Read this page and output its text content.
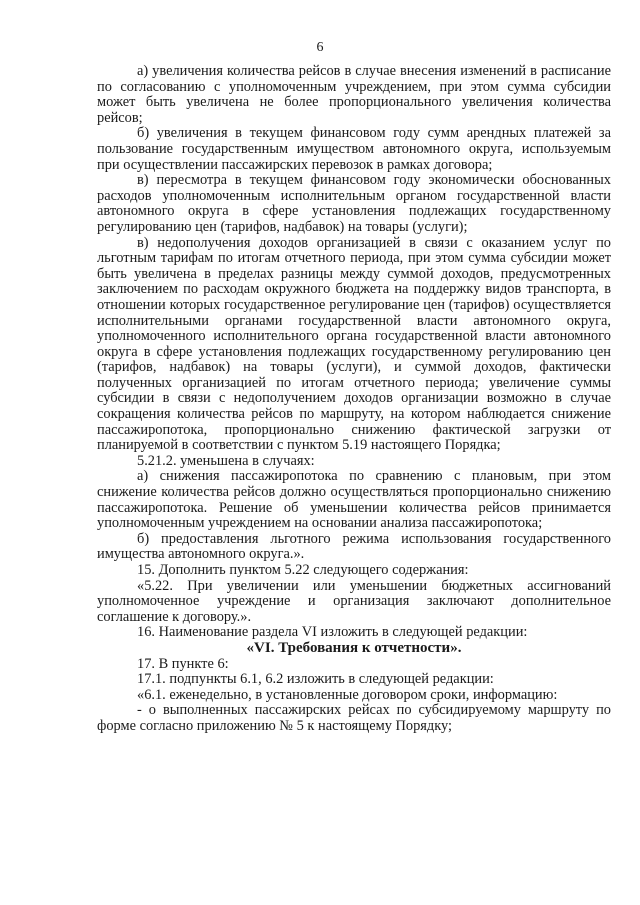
6

а) увеличения количества рейсов в случае внесения изменений в расписание по согласованию с уполномоченным учреждением, при этом сумма субсидии может быть увеличена не более пропорционального увеличения количества рейсов;

б) увеличения в текущем финансовом году сумм арендных платежей за пользование государственным имуществом автономного округа, используемым при осуществлении пассажирских перевозок в рамках договора;

в) пересмотра в текущем финансовом году экономически обоснованных расходов уполномоченным исполнительным органом государственной власти автономного округа в сфере установления подлежащих государственному регулированию цен (тарифов, надбавок) на товары (услуги);

в) недополучения доходов организацией в связи с оказанием услуг по льготным тарифам по итогам отчетного периода, при этом сумма субсидии может быть увеличена в пределах разницы между суммой доходов, предусмотренных заключением по расходам окружного бюджета на поддержку видов транспорта, в отношении которых государственное регулирование цен (тарифов) осуществляется исполнительными органами государственной власти автономного округа, уполномоченного исполнительного органа государственной власти автономного округа в сфере установления подлежащих государственному регулированию цен (тарифов, надбавок) на товары (услуги), и суммой доходов, фактически полученных организацией по итогам отчетного периода; увеличение суммы субсидии в связи с недополучением доходов организации возможно в случае сокращения количества рейсов по маршруту, на котором наблюдается снижение пассажиропотока, пропорционально снижению фактической загрузки от планируемой в соответствии с пунктом 5.19 настоящего Порядка;

5.21.2. уменьшена в случаях:

а) снижения пассажиропотока по сравнению с плановым, при этом снижение количества рейсов должно осуществляться пропорционально снижению пассажиропотока. Решение об уменьшении количества рейсов принимается уполномоченным учреждением на основании анализа пассажиропотока;

б) предоставления льготного режима использования государственного имущества автономного округа.».

15. Дополнить пунктом 5.22 следующего содержания:

«5.22. При увеличении или уменьшении бюджетных ассигнований уполномоченное учреждение и организация заключают дополнительное соглашение к договору.».

16. Наименование раздела VI изложить в следующей редакции:

«VI. Требования к отчетности».

17. В пункте 6:

17.1. подпункты 6.1, 6.2 изложить в следующей редакции:

«6.1. еженедельно, в установленные договором сроки, информацию:

- о выполненных пассажирских рейсах по субсидируемому маршруту по форме согласно приложению № 5 к настоящему Порядку;
